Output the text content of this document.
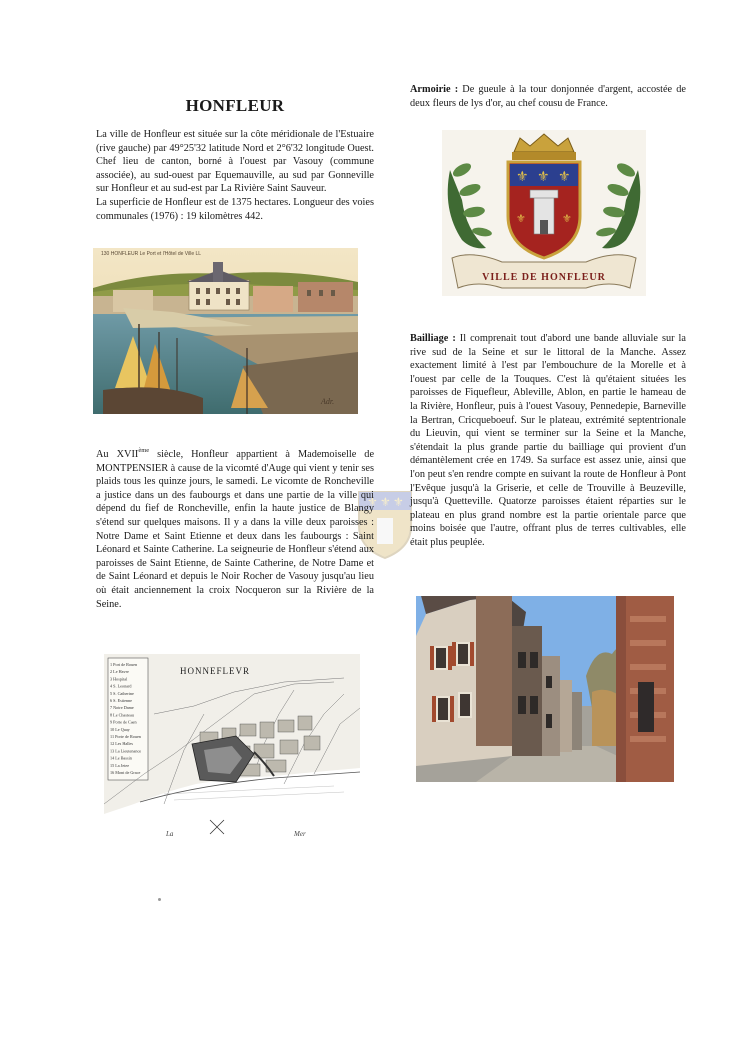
⚜ ⚜ ⚜
HONFLEUR

La ville de Honfleur est située sur la côte méridionale de l'Estuaire (rive gauche) par 49°25'32 latitude Nord et 2°6'32 longitude Ouest. Chef lieu de canton, borné à l'ouest par Vasouy (commune associée), au sud-ouest par Equemauville, au sud par Gonneville sur Honfleur et au sud-est par La Rivière Saint Sauveur.

La superficie de Honfleur est de 1375 hectares. Longueur des voies communales (1976) : 19 kilomètres 442.

130 HONFLEUR Le Port et l'Hôtel de Ville LL
Adr.

Au XVIIème siècle, Honfleur appartient à Mademoiselle de MONTPENSIER à cause de la vicomté d'Auge qui vient y tenir ses plaids tous les quinze jours, le samedi. Le vicomte de Roncheville a justice dans un des faubourgs et dans une partie de la ville qui dépend du fief de Roncheville, enfin la haute justice de Blangy s'étend sur quelques maisons. Il y a dans la ville deux paroisses : Notre Dame et Saint Etienne et deux dans les faubourgs : Saint Léonard et Sainte Catherine. La seigneurie de Honfleur s'étend aux paroisses de Saint Etienne, de Sainte Catherine, de Notre Dame et de Saint Léonard et depuis le Noir Rocher de Vasouy jusqu'au lieu où était anciennement la croix Nocqueron sur la Rivière de la Seine.

1 Port de Rouen
2 Le Havre
3 Hospital
4 S. Leonard
5 S. Catherine
6 S. Estienne
7 Notre Dame
8 Le Chasteau
9 Porte de Caen
10 Le Quay
11 Porte de Rouen
12 Les Halles
13 La Lieutenance
14 Le Bassin
15 La Jetee
16 Mont de Grace
HONNEFLEVR
La	Mer

Armoirie : De gueule à la tour donjonnée d'argent, accostée de deux fleurs de lys d'or, au chef cousu de France.

⚜ ⚜ ⚜
⚜	⚜
VILLE DE HONFLEUR

Bailliage : Il comprenait tout d'abord une bande alluviale sur la rive sud de la Seine et sur le littoral de la Manche. Assez exactement limité à l'est par l'embouchure de la Morelle et à l'ouest par celle de la Touques. C'est là qu'étaient situées les paroisses de Fiquefleur, Ableville, Ablon, en partie le hameau de la Rivière, Honfleur, puis à l'ouest Vasouy, Pennedepie, Barneville la Bertran, Cricqueboeuf. Sur le plateau, extrémité septentrionale du Lieuvin, qui vient se terminer sur la Seine et la Manche, s'étendait la plus grande partie du bailliage qui provient d'un démantèlement crée en 1749. Sa surface est assez unie, ainsi que l'on peut s'en rendre compte en suivant la route de Honfleur à Pont l'Evêque jusqu'à la Griserie, et celle de Trouville à Beuzeville, jusqu'à Quetteville. Quatorze paroisses étaient réparties sur le plateau en plus grand nombre est la partie orientale parce que moins boisée que l'autre, offrant plus de terres cultivables, elle était plus peuplée.
